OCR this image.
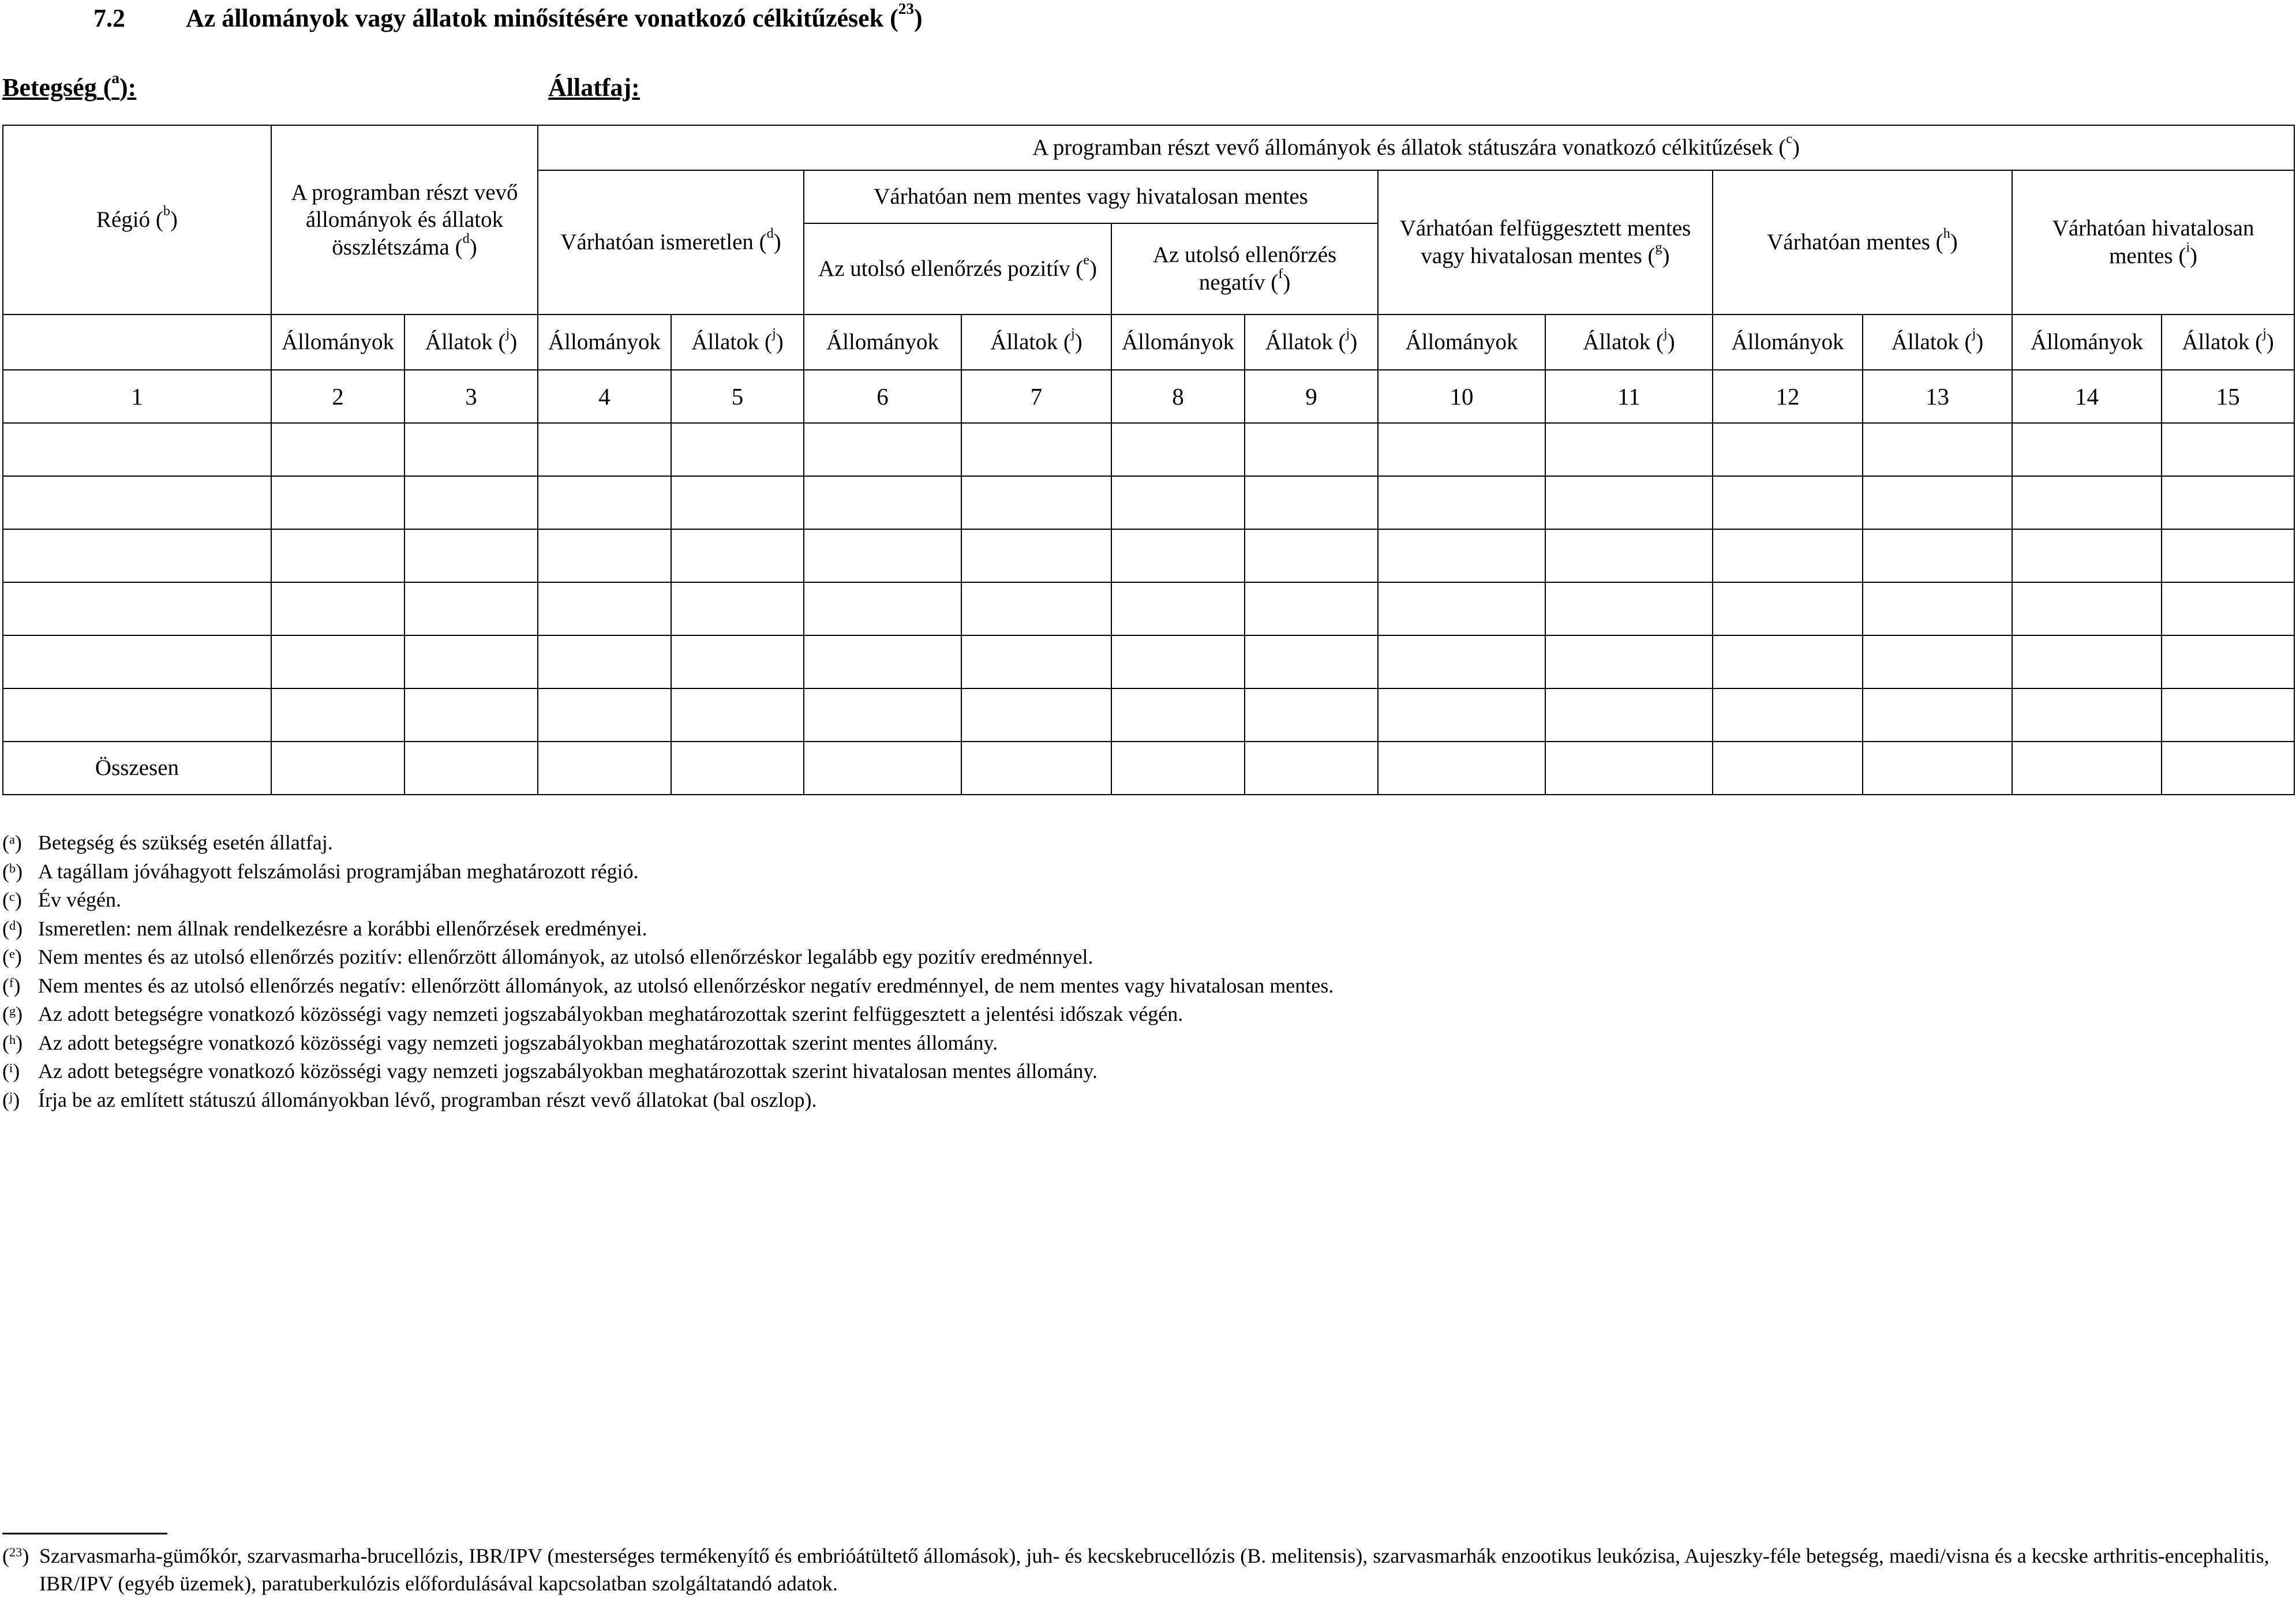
7.2 Az állományok vagy állatok minősítésére vonatkozó célkitűzések ($^{23}$)
Betegség ($^a$):	Állatfaj:
Régió ($^b$)	A programban részt vevő állományok és állatok összlétszáma ($^d$)		A programban részt vevő állományok és állatok státuszára vonatkozó célkitűzések ($^c$)											
			Várhatóan ismeretlen ($^d$)		Várhatóan nem mentes vagy hivatalosan mentes				Várhatóan felfüggesztett mentes vagy hivatalosan mentes ($^g$)		Várhatóan mentes ($^h$)		Várhatóan hivatalosan mentes ($^i$)	
					Az utolsó ellenőrzés pozitív ($^e$)		Az utolsó ellenőrzés negatív ($^f$)							
	Állományok	Állatok ($^j$)	Állományok	Állatok ($^j$)	Állományok	Állatok ($^j$)	Állományok	Állatok ($^j$)	Állományok	Állatok ($^j$)	Állományok	Állatok ($^j$)	Állományok	Állatok ($^j$)
1	2	3	4	5	6	7	8	9	10	11	12	13	14	15

Összesen														
($^a$) Betegség és szükség esetén állatfaj.
($^b$) A tagállam jóváhagyott felszámolási programjában meghatározott régió.
($^c$) Év végén.
($^d$) Ismeretlen: nem állnak rendelkezésre a korábbi ellenőrzések eredményei.
($^e$) Nem mentes és az utolsó ellenőrzés pozitív: ellenőrzött állományok, az utolsó ellenőrzéskor legalább egy pozitív eredménnyel.
($^f$) Nem mentes és az utolsó ellenőrzés negatív: ellenőrzött állományok, az utolsó ellenőrzéskor negatív eredménnyel, de nem mentes vagy hivatalosan mentes.
($^g$) Az adott betegségre vonatkozó közösségi vagy nemzeti jogszabályokban meghatározottak szerint felfüggesztett a jelentési időszak végén.
($^h$) Az adott betegségre vonatkozó közösségi vagy nemzeti jogszabályokban meghatározottak szerint mentes állomány.
($^i$) Az adott betegségre vonatkozó közösségi vagy nemzeti jogszabályokban meghatározottak szerint hivatalosan mentes állomány.
($^j$) Írja be az említett státuszú állományokban lévő, programban részt vevő állatokat (bal oszlop).
($^{23}$) Szarvasmarha-gümőkór, szarvasmarha-brucellózis, IBR/IPV (mesterséges termékenyítő és embrióátültető állomások), juh- és kecskebrucellózis (B. melitensis), szarvasmarhák enzootikus leukózisa, Aujeszky-féle betegség, maedi/visna és a kecske arthritis-encephalitis, IBR/IPV (egyéb üzemek), paratuberkulózis előfordulásával kapcsolatban szolgáltatandó adatok.
